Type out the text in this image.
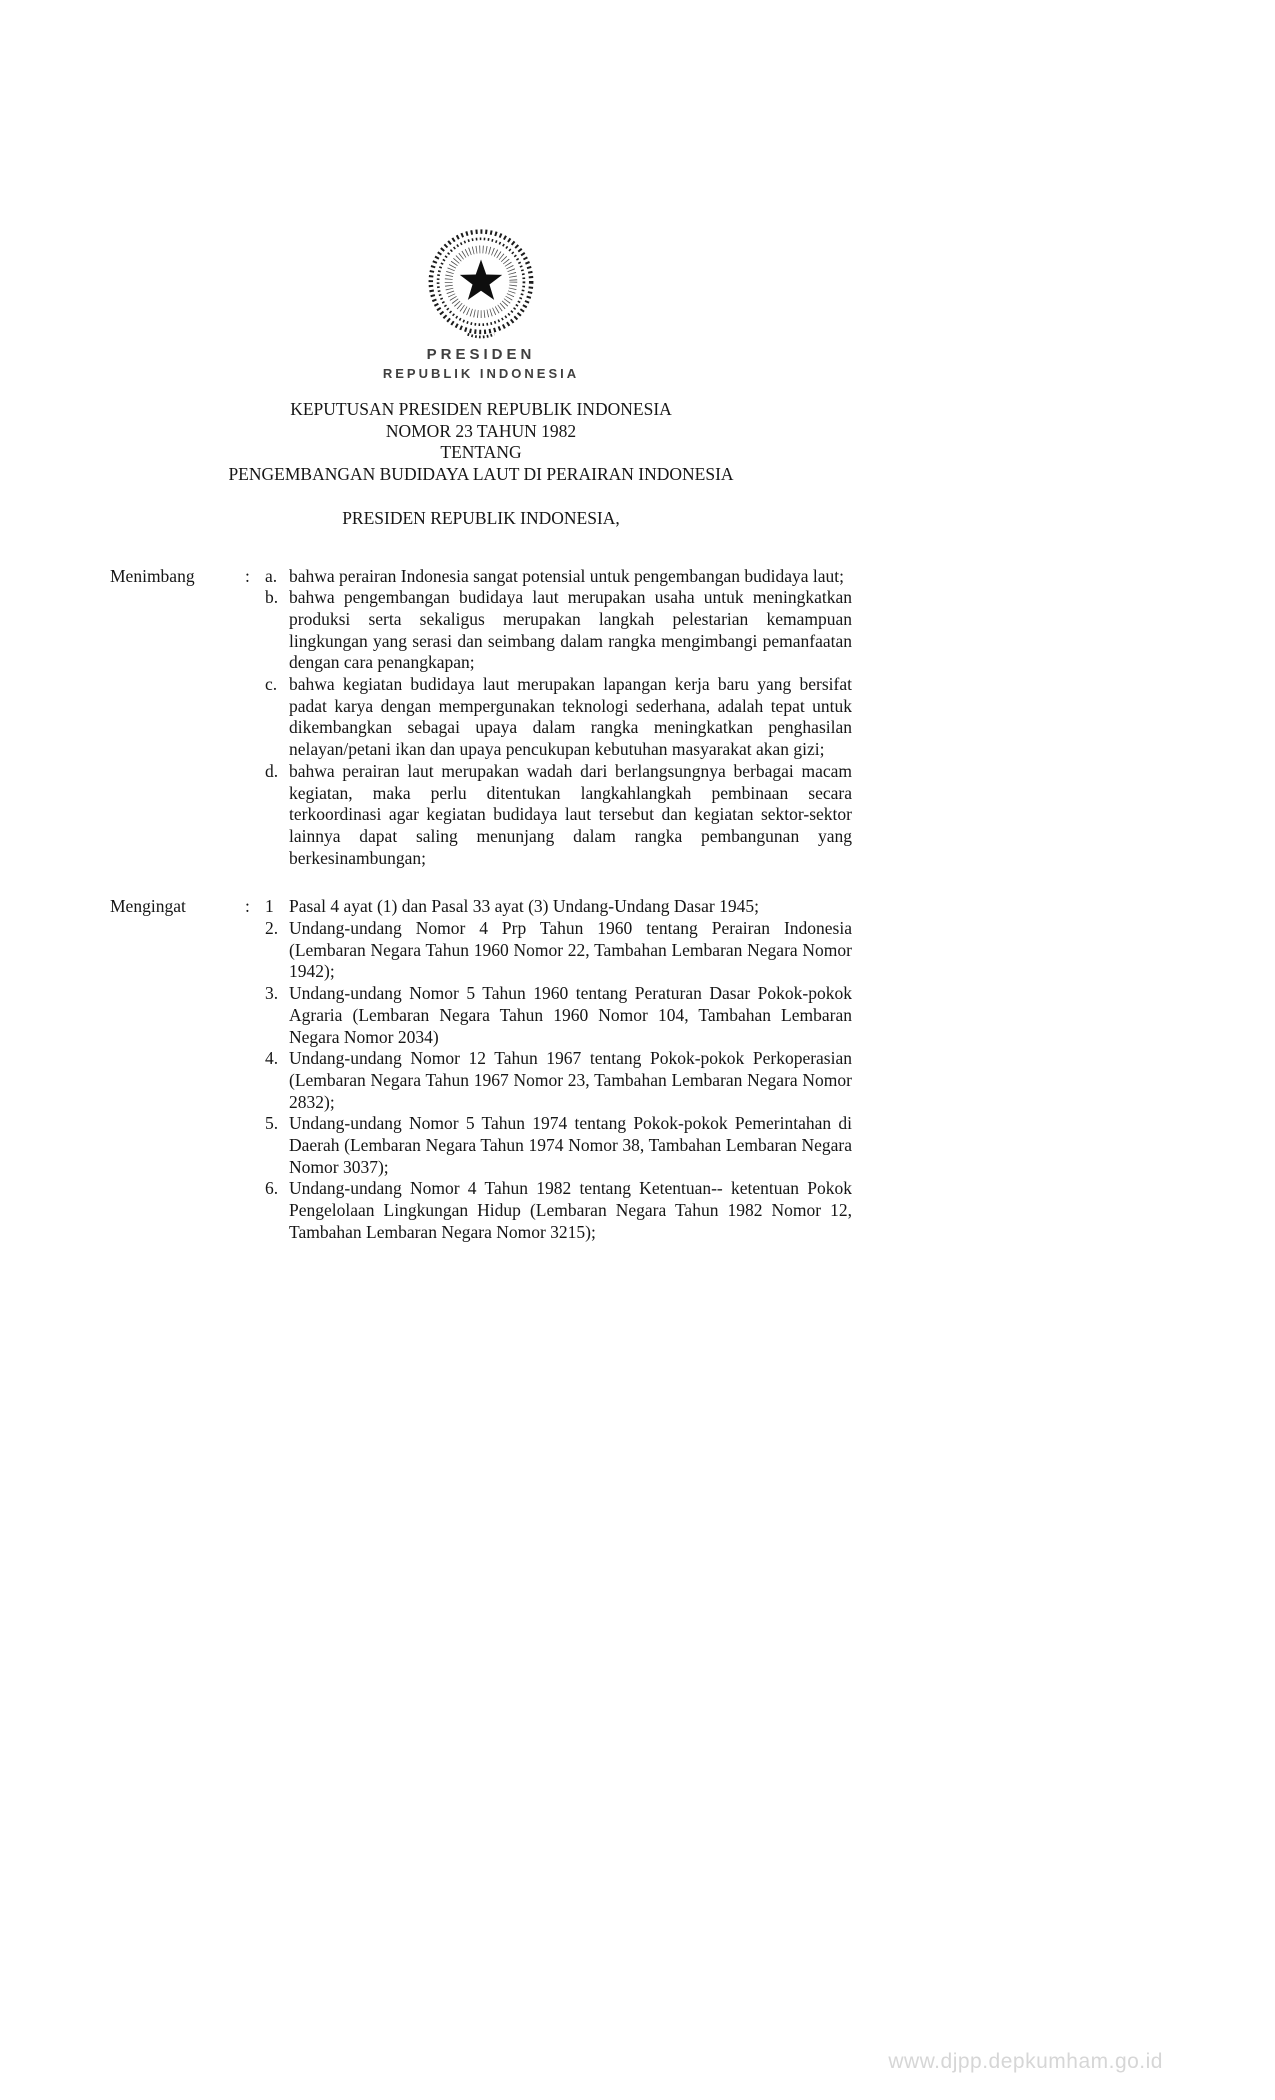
PRESIDEN
REPUBLIK INDONESIA
KEPUTUSAN PRESIDEN REPUBLIK INDONESIA
NOMOR 23 TAHUN 1982
TENTANG
PENGEMBANGAN BUDIDAYA LAUT DI PERAIRAN INDONESIA
PRESIDEN REPUBLIK INDONESIA,
Menimbang	: a. bahwa perairan Indonesia sangat potensial untuk pengembangan budidaya laut;
b. bahwa pengembangan budidaya laut merupakan usaha untuk meningkatkan produksi serta sekaligus merupakan langkah pelestarian kemampuan lingkungan yang serasi dan seimbang dalam rangka mengimbangi pemanfaatan dengan cara penangkapan;
c. bahwa kegiatan budidaya laut merupakan lapangan kerja baru yang bersifat padat karya dengan mempergunakan teknologi sederhana, adalah tepat untuk dikembangkan sebagai upaya dalam rangka meningkatkan penghasilan nelayan/petani ikan dan upaya pencukupan kebutuhan masyarakat akan gizi;
d. bahwa perairan laut merupakan wadah dari berlangsungnya berbagai macam kegiatan, maka perlu ditentukan langkahlangkah pembinaan secara terkoordinasi agar kegiatan budidaya laut tersebut dan kegiatan sektor-sektor lainnya dapat saling menunjang dalam rangka pembangunan yang berkesinambungan;
Mengingat	: 1 Pasal 4 ayat (1) dan Pasal 33 ayat (3) Undang-Undang Dasar 1945;
2. Undang-undang Nomor 4 Prp Tahun 1960 tentang Perairan Indonesia (Lembaran Negara Tahun 1960 Nomor 22, Tambahan Lembaran Negara Nomor 1942);
3. Undang-undang Nomor 5 Tahun 1960 tentang Peraturan Dasar Pokok-pokok Agraria (Lembaran Negara Tahun 1960 Nomor 104, Tambahan Lembaran Negara Nomor 2034)
4. Undang-undang Nomor 12 Tahun 1967 tentang Pokok-pokok Perkoperasian (Lembaran Negara Tahun 1967 Nomor 23, Tambahan Lembaran Negara Nomor 2832);
5. Undang-undang Nomor 5 Tahun 1974 tentang Pokok-pokok Pemerintahan di Daerah (Lembaran Negara Tahun 1974 Nomor 38, Tambahan Lembaran Negara Nomor 3037);
6. Undang-undang Nomor 4 Tahun 1982 tentang Ketentuan-- ketentuan Pokok Pengelolaan Lingkungan Hidup (Lembaran Negara Tahun 1982 Nomor 12, Tambahan Lembaran Negara Nomor 3215);
www.djpp.depkumham.go.id
